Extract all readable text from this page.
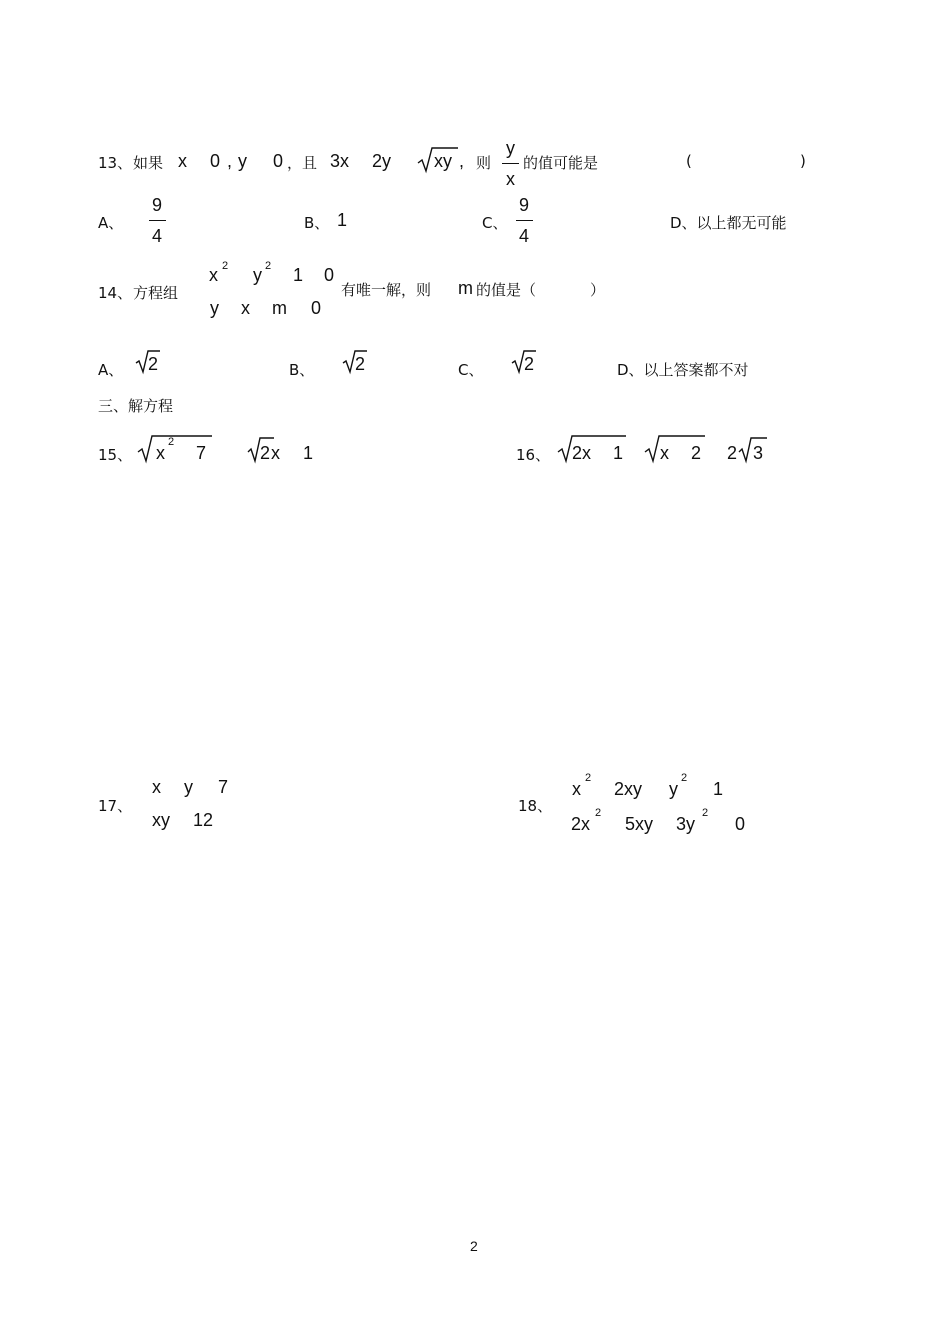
13、 如果 x 0 , y 0 ，且 3x 2y xy , 则
y
x
的值可能是	(	)
A、
9
4
B、 1	C、
9
4
D、以上都无可能
14、 方程组
x 2 y 2 1 0
y x m 0
有唯一解，则 m 的值是（	）
A、 2	B、 2	C、 2	D、以上答案都不对
三、解方程
15、 x
2
7	2 x 1	16、 2x 1 x 2 2 3
17、
x y 7
xy 12
18、
x
2
2xy y
2
1
2x
2
5xy 3y
2
0
2
